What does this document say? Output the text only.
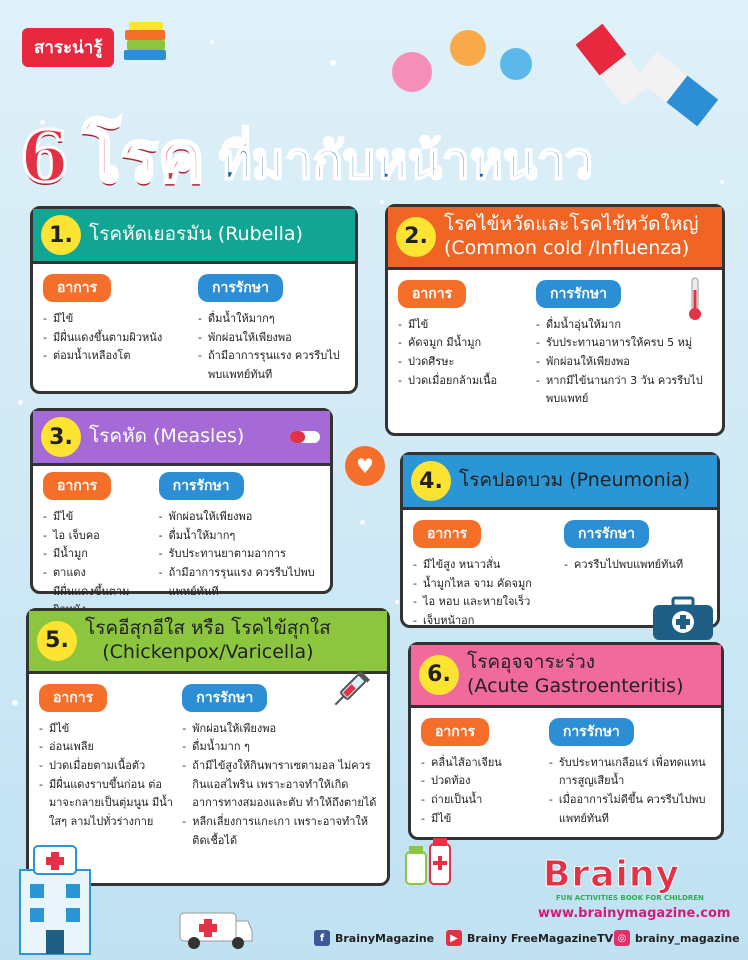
สาระน่ารู้
6 โรค ที่มากับหน้าหนาว
1. โรคหัดเยอรมัน (Rubella)
อาการ
- มีไข้
- มีผื่นแดงขึ้นตามผิวหนัง
- ต่อมน้ำเหลืองโต
การรักษา
- ดื่มน้ำให้มากๆ
- พักผ่อนให้เพียงพอ
- ถ้ามีอาการรุนแรง ควรรีบไปพบแพทย์ทันที
2.
โรคไข้หวัดและโรคไข้หวัดใหญ่
(Common cold /Influenza)
อาการ
- มีไข้
- คัดจมูก มีน้ำมูก
- ปวดศีรษะ
- ปวดเมื่อยกล้ามเนื้อ
การรักษา
- ดื่มน้ำอุ่นให้มาก
- รับประทานอาหารให้ครบ 5 หมู่
- พักผ่อนให้เพียงพอ
- หากมีไข้นานกว่า 3 วัน ควรรีบไปพบแพทย์
3. โรคหัด (Measles)
อาการ
- มีไข้
- ไอ เจ็บคอ
- มีน้ำมูก
- ตาแดง
- มีผื่นแดงขึ้นตาม
การรักษา
- พักผ่อนให้เพียงพอ
- ดื่มน้ำให้มากๆ
- รับประทานยาตามอาการ
- ถ้ามีอาการรุนแรง ควรรีบไปพบแพทย์ทันที
♥
4. โรคปอดบวม (Pneumonia)
อาการ
- มีไข้สูง หนาวสั่น
- น้ำมูกไหล จาม คัดจมูก
- ไอ หอบ และหายใจเร็ว
- เจ็บหน้าอก
การรักษา
- ควรรีบไปพบแพทย์ทันที
5.
โรคอีสุกอีใส หรือ โรคไข้สุกใส
(Chickenpox/Varicella)
อาการ
- มีไข้
- อ่อนเพลีย
- ปวดเมื่อยตามเนื้อตัว
- มีผื่นแดงราบขึ้นก่อน ต่อมาจะกลายเป็นตุ่มนูน มีน้ำใสๆ ลามไปทั่วร่างกาย
การรักษา
- พักผ่อนให้เพียงพอ
- ดื่มน้ำมาก ๆ
- ถ้ามีไข้สูงให้กินพาราเซตามอล ไม่ควรกินแอสไพริน เพราะอาจทำให้เกิดอาการทางสมองและตับ ทำให้ถึงตายได้
- หลีกเลี่ยงการแกะเกา เพราะอาจทำให้ติดเชื้อได้
6.
โรคอุจจาระร่วง
(Acute Gastroenteritis)
อาการ
- คลื่นไส้อาเจียน
- ปวดท้อง
- ถ่ายเป็นน้ำ
- มีไข้
การรักษา
- รับประทานเกลือแร่ เพื่อทดแทนการสูญเสียน้ำ
- เมื่ออาการไม่ดีขึ้น ควรรีบไปพบแพทย์ทันที
Brainy
FUN ACTIVITIES BOOK FOR CHILDREN
www.brainymagazine.com
f BrainyMagazine	▶ Brainy FreeMagazineTV ◎ brainy_magazine
